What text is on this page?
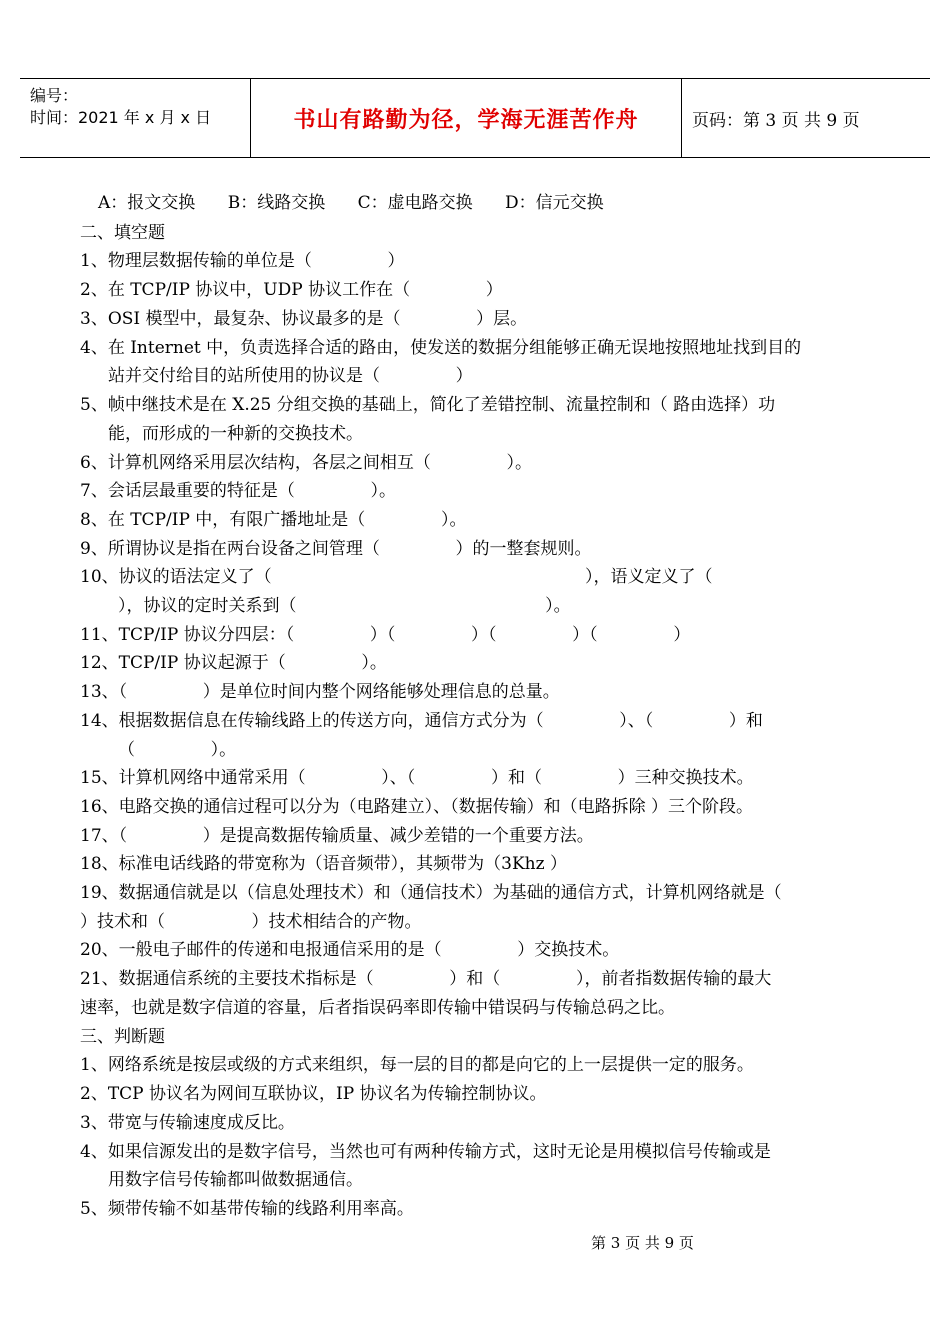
编号：
时间：2021 年 x 月 x 日	书山有路勤为径，学海无涯苦作舟	页码：第 3 页 共 9 页
A：报文交换      B：线路交换      C：虚电路交换      D：信元交换
二、填空题
1、物理层数据传输的单位是（              ）
2、在 TCP/IP 协议中，UDP 协议工作在（              ）
3、OSI 模型中，最复杂、协议最多的是（              ）层。
4、在 Internet 中，负责选择合适的路由，使发送的数据分组能够正确无误地按照地址找到目的
站并交付给目的站所使用的协议是（              ）
5、帧中继技术是在 X.25 分组交换的基础上，简化了差错控制、流量控制和（ 路由选择）功
能，而形成的一种新的交换技术。
6、计算机网络采用层次结构，各层之间相互（              ）。
7、会话层最重要的特征是（              ）。
8、在 TCP/IP 中，有限广播地址是（              ）。
9、所谓协议是指在两台设备之间管理（              ）的一整套规则。
10、协议的语法定义了（                                                          ），语义定义了（
），协议的定时关系到（                                              ）。
11、TCP/IP 协议分四层：（              ）（              ）（              ）（              ）
12、TCP/IP 协议起源于（              ）。
13、（              ）是单位时间内整个网络能够处理信息的总量。
14、根据数据信息在传输线路上的传送方向，通信方式分为（              ）、（              ）和
（              ）。
15、计算机网络中通常采用（              ）、（              ）和（              ）三种交换技术。
16、电路交换的通信过程可以分为（电路建立）、（数据传输）和（电路拆除 ）三个阶段。
17、（              ）是提高数据传输质量、减少差错的一个重要方法。
18、标准电话线路的带宽称为（语音频带），其频带为（3Khz ）
19、数据通信就是以（信息处理技术）和（通信技术）为基础的通信方式，计算机网络就是（
）技术和（                ）技术相结合的产物。
20、一般电子邮件的传递和电报通信采用的是（              ）交换技术。
21、数据通信系统的主要技术指标是（              ）和（              ），前者指数据传输的最大
速率，也就是数字信道的容量，后者指误码率即传输中错误码与传输总码之比。
三、判断题
1、网络系统是按层或级的方式来组织，每一层的目的都是向它的上一层提供一定的服务。
2、TCP 协议名为网间互联协议，IP 协议名为传输控制协议。
3、带宽与传输速度成反比。
4、如果信源发出的是数字信号，当然也可有两种传输方式，这时无论是用模拟信号传输或是
用数字信号传输都叫做数据通信。
5、频带传输不如基带传输的线路利用率高。
第 3 页 共 9 页
